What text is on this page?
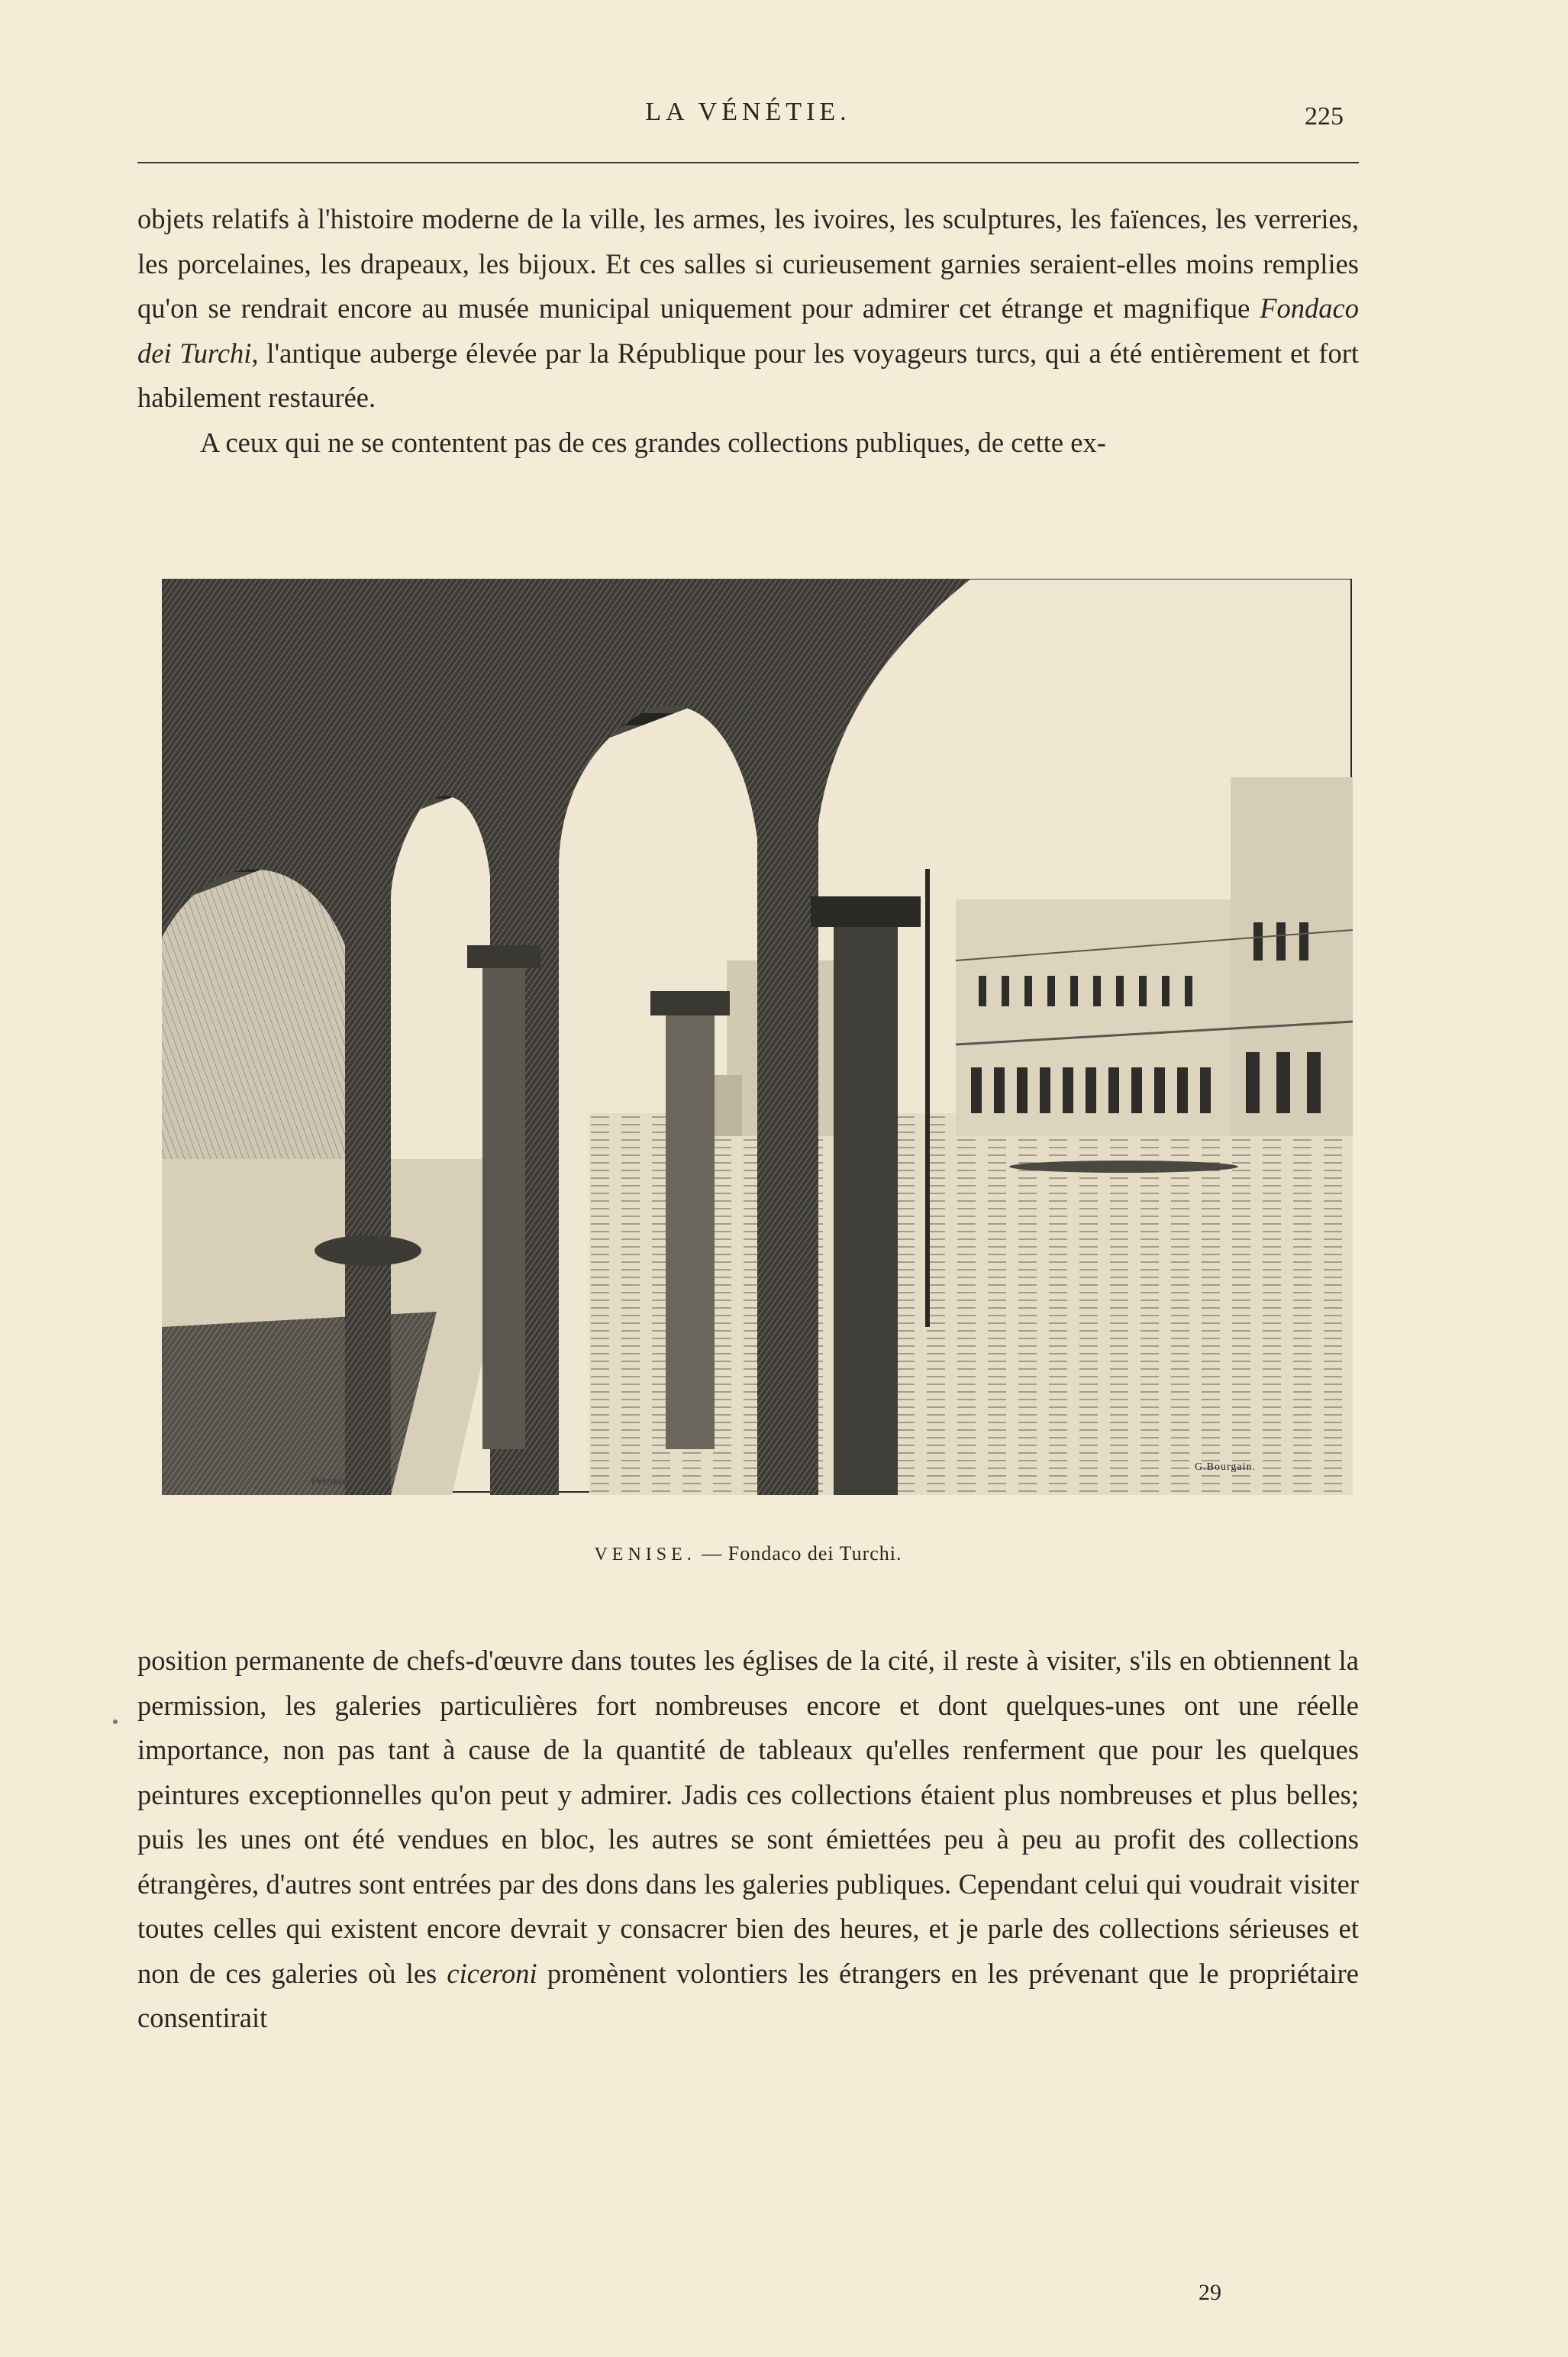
LA VÉNÉTIE.	225

objets relatifs à l'histoire moderne de la ville, les armes, les ivoires, les sculptures, les faïences, les verreries, les porcelaines, les drapeaux, les bijoux. Et ces salles si curieusement garnies seraient-elles moins remplies qu'on se rendrait encore au musée municipal uniquement pour admirer cet étrange et magnifique Fondaco dei Turchi, l'antique auberge élevée par la République pour les voyageurs turcs, qui a été entièrement et fort habilement restaurée.

A ceux qui ne se contentent pas de ces grandes collections publiques, de cette ex-

Pérroux
G.Bourgain.
VENISE. — Fondaco dei Turchi.

position permanente de chefs-d'œuvre dans toutes les églises de la cité, il reste à visiter, s'ils en obtiennent la permission, les galeries particulières fort nombreuses encore et dont quelques-unes ont une réelle importance, non pas tant à cause de la quantité de tableaux qu'elles renferment que pour les quelques peintures exceptionnelles qu'on peut y admirer. Jadis ces collections étaient plus nombreuses et plus belles; puis les unes ont été vendues en bloc, les autres se sont émiettées peu à peu au profit des collections étrangères, d'autres sont entrées par des dons dans les galeries publiques. Cependant celui qui voudrait visiter toutes celles qui existent encore devrait y consacrer bien des heures, et je parle des collections sérieuses et non de ces galeries où les ciceroni promènent volontiers les étrangers en les prévenant que le propriétaire consentirait

29
